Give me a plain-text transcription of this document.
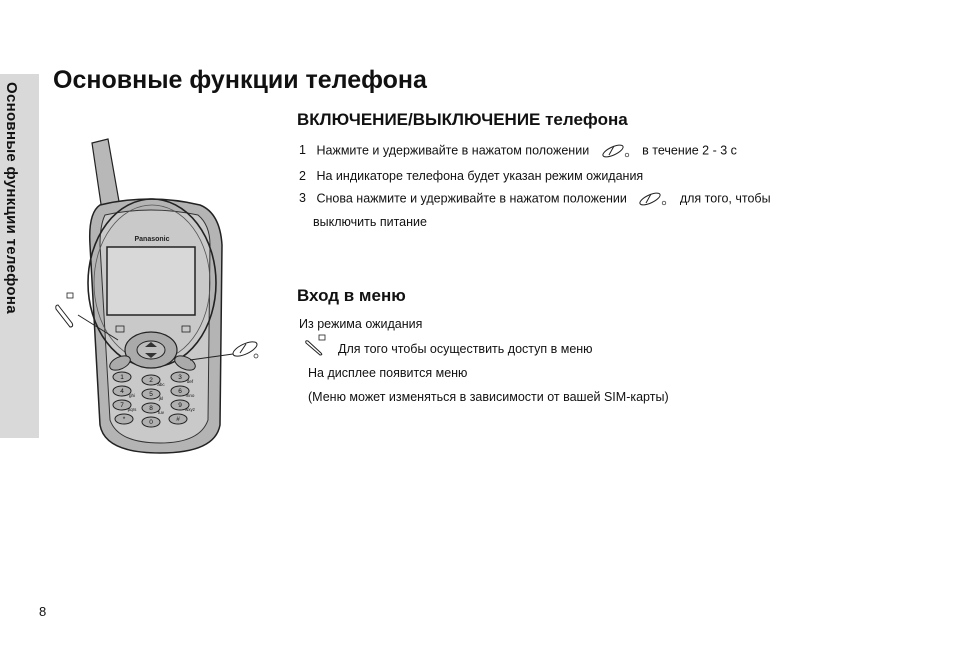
Основные функции телефона
Основные функции телефона
Panasonic
1	2	3
4	5	6
7	8	9
*	0	#
abc
def
ghi
jkl
mno
pqrs
tuv
wxyz
ВКЛЮЧЕНИЕ/ВЫКЛЮЧЕНИЕ телефона
1 Нажмите и удерживайте в нажатом положении	в течение 2 - 3 с
2 На индикаторе телефона будет указан режим ожидания
3 Снова нажмите и удерживайте в нажатом положении	для того, чтобы
выключить питание
Вход в меню
Из режима ожидания
Для того чтобы осуществить доступ в меню
На дисплее появится меню
(Меню может изменяться в зависимости от вашей SIM-карты)
8
